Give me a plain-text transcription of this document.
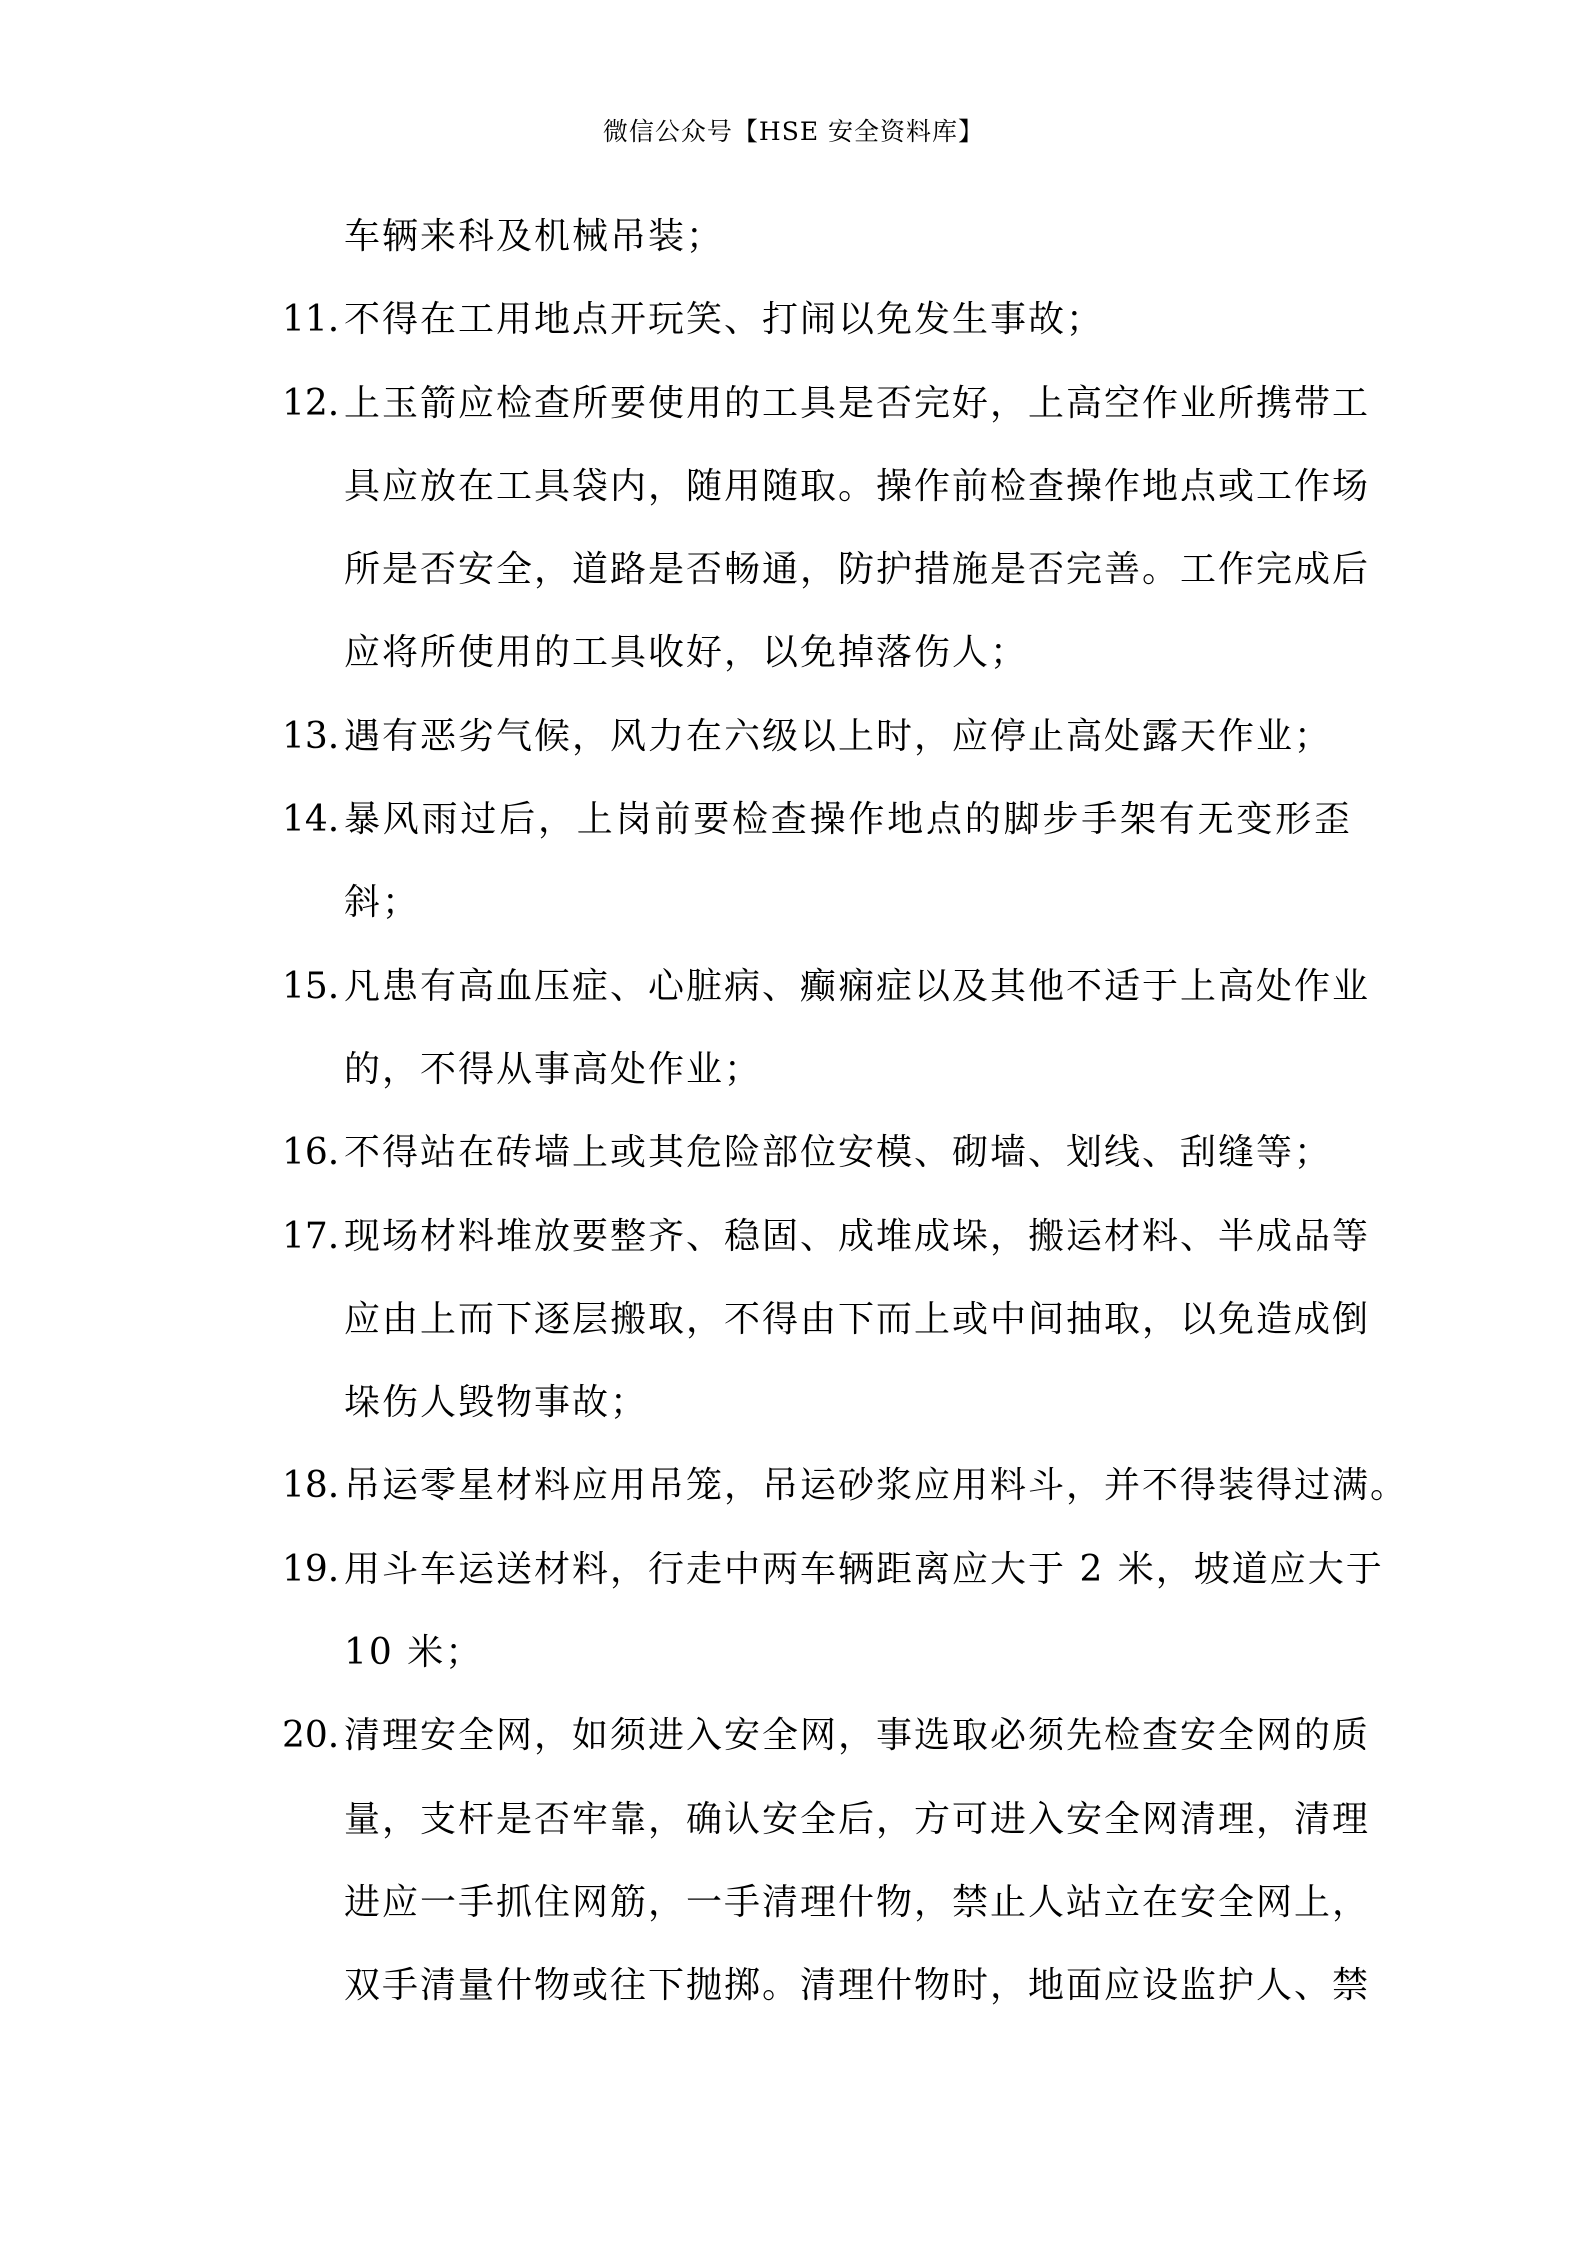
微信公众号【HSE 安全资料库】
车辆来科及机械吊装；
11. 不得在工用地点开玩笑、打闹以免发生事故；
12. 上玉箭应检查所要使用的工具是否完好，上高空作业所携带工
具应放在工具袋内，随用随取。操作前检查操作地点或工作场
所是否安全，道路是否畅通，防护措施是否完善。工作完成后
应将所使用的工具收好，以免掉落伤人；
13. 遇有恶劣气候，风力在六级以上时，应停止高处露天作业；
14. 暴风雨过后，上岗前要检查操作地点的脚步手架有无变形歪
斜；
15. 凡患有高血压症、心脏病、癫痫症以及其他不适于上高处作业
的，不得从事高处作业；
16. 不得站在砖墙上或其危险部位安模、砌墙、划线、刮缝等；
17. 现场材料堆放要整齐、稳固、成堆成垛，搬运材料、半成品等
应由上而下逐层搬取，不得由下而上或中间抽取，以免造成倒
垛伤人毁物事故；
18. 吊运零星材料应用吊笼，吊运砂浆应用料斗，并不得装得过满。
19. 用斗车运送材料，行走中两车辆距离应大于 2 米，坡道应大于
10 米；
20. 清理安全网，如须进入安全网，事选取必须先检查安全网的质
量，支杆是否牢靠，确认安全后，方可进入安全网清理，清理
进应一手抓住网筋，一手清理什物，禁止人站立在安全网上，
双手清量什物或往下抛掷。清理什物时，地面应设监护人、禁
